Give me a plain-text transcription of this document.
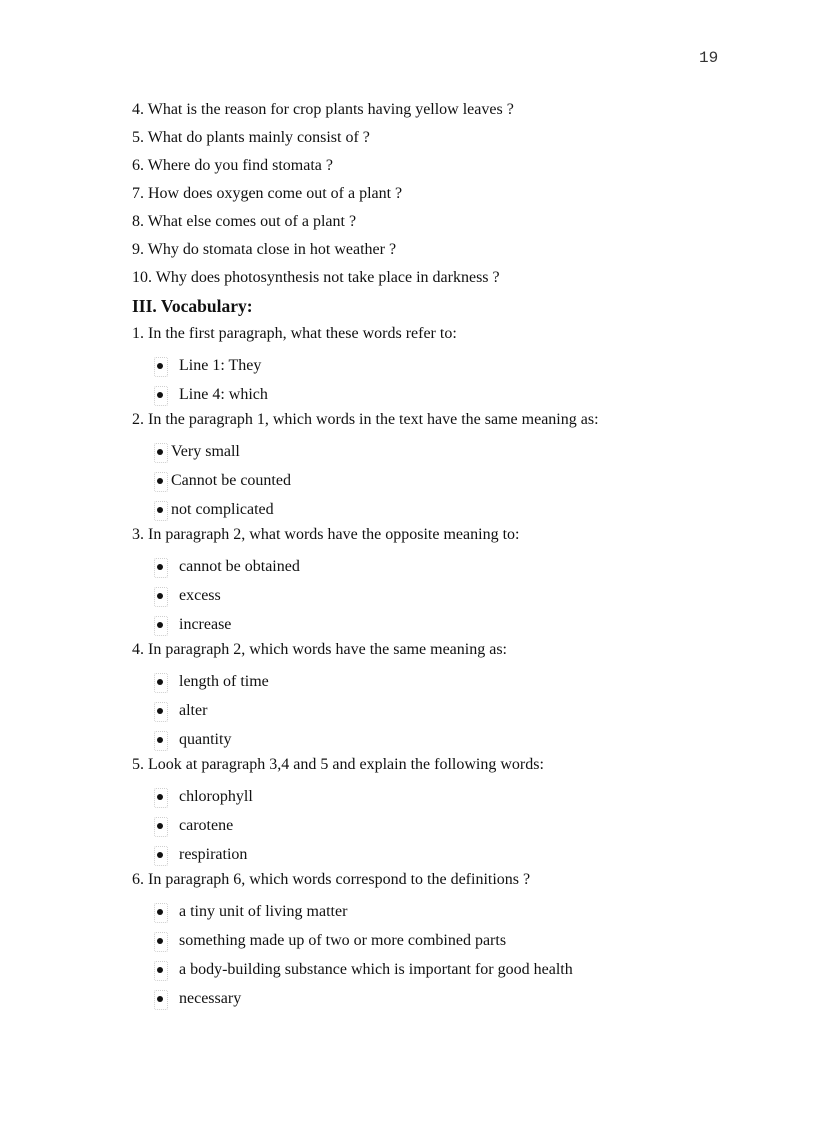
19
4. What is the reason for crop plants having yellow leaves ?
5. What do plants mainly consist of ?
6. Where do you find stomata ?
7. How does oxygen come out of a plant ?
8. What else comes out of a plant ?
9. Why do stomata close in hot weather ?
10. Why does photosynthesis not take place in darkness ?
III. Vocabulary:
1. In the first paragraph, what these words refer to:
Line 1: They
Line 4: which
2. In the paragraph 1, which words in the text have the same meaning as:
Very small
Cannot be counted
not complicated
3. In paragraph 2, what words have the opposite meaning to:
cannot be obtained
excess
increase
4. In paragraph 2, which words have the same meaning as:
length of time
alter
quantity
5. Look at paragraph 3,4 and 5 and explain the following words:
chlorophyll
carotene
respiration
6. In paragraph 6, which words correspond to the definitions ?
a tiny unit of living matter
something made up of two or more combined parts
a body-building substance which is important for good health
necessary
